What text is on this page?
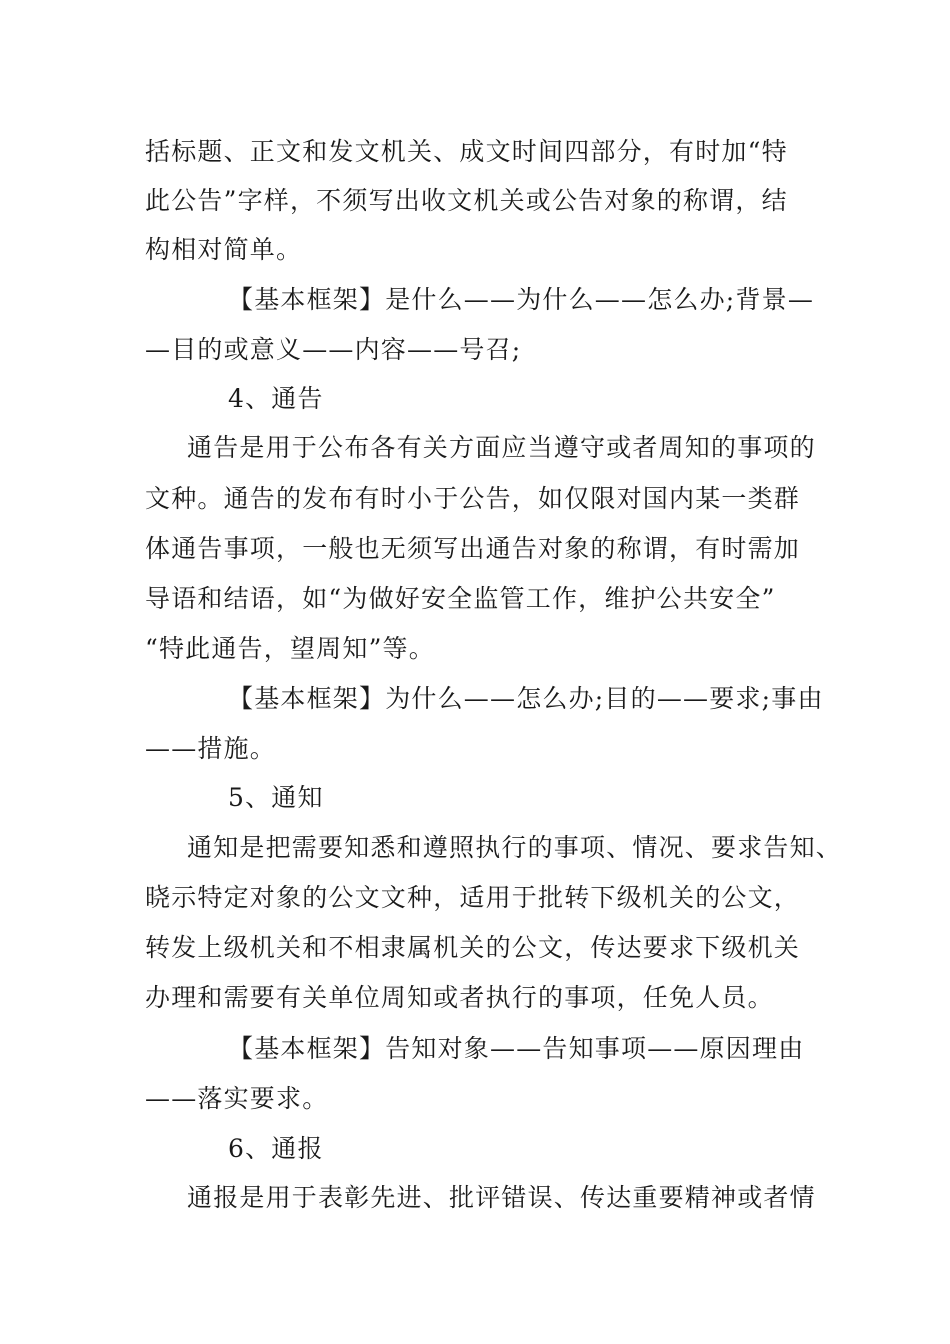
括标题、正文和发文机关、成文时间四部分，有时加“特
此公告”字样，不须写出收文机关或公告对象的称谓，结
构相对简单。
【基本框架】是什么——为什么——怎么办;背景—
—目的或意义——内容——号召;
4、通告
通告是用于公布各有关方面应当遵守或者周知的事项的
文种。通告的发布有时小于公告，如仅限对国内某一类群
体通告事项，一般也无须写出通告对象的称谓，有时需加
导语和结语，如“为做好安全监管工作，维护公共安全”
“特此通告，望周知”等。
【基本框架】为什么——怎么办;目的——要求;事由
——措施。
5、通知
通知是把需要知悉和遵照执行的事项、情况、要求告知、
晓示特定对象的公文文种，适用于批转下级机关的公文，
转发上级机关和不相隶属机关的公文，传达要求下级机关
办理和需要有关单位周知或者执行的事项，任免人员。
【基本框架】告知对象——告知事项——原因理由
——落实要求。
6、通报
通报是用于表彰先进、批评错误、传达重要精神或者情
